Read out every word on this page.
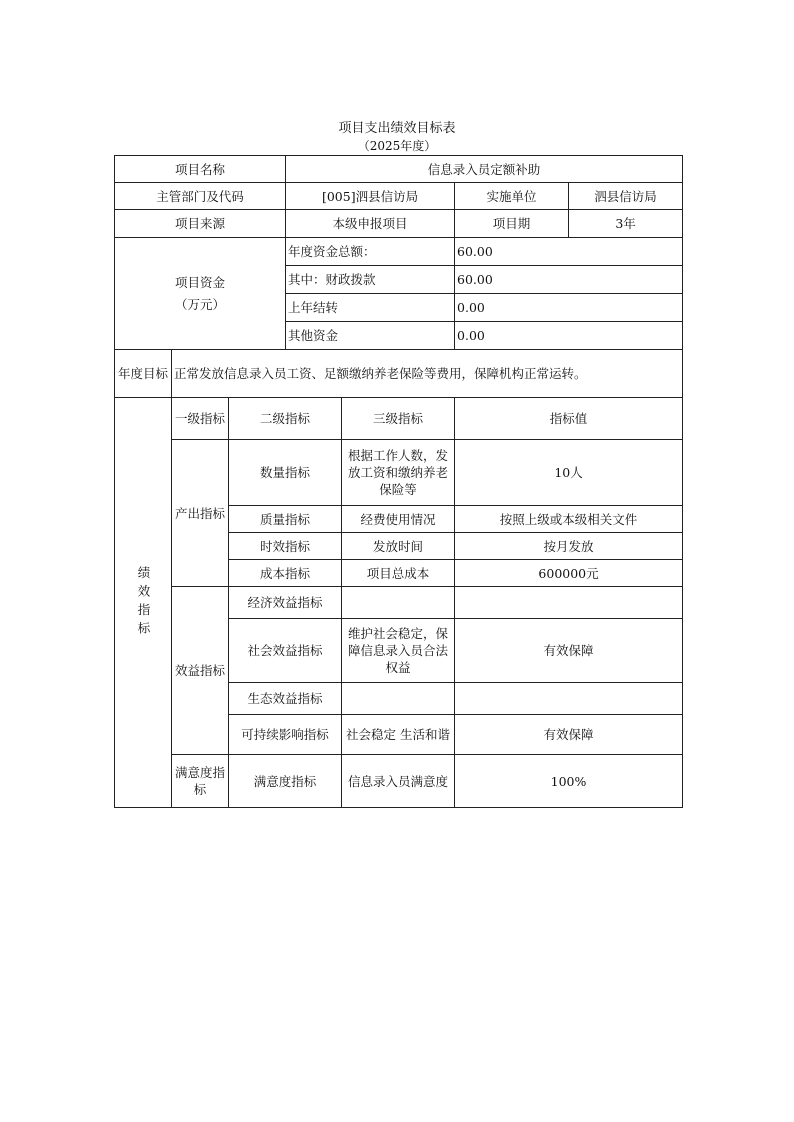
项目支出绩效目标表
（2025年度）
项目名称			信息录入员定额补助			
主管部门及代码			[005]泗县信访局		实施单位	泗县信访局
项目来源			本级申报项目		项目期	3年

项目资金
（万元）			年度资金总额：		60.00	
			其中：财政拨款		60.00	
			上年结转		0.00	
			其他资金		0.00	
年度目标	正常发放信息录入员工资、足额缴纳养老保险等费用，保障机构正常运转。					

绩效指标	一级指标	二级指标		三级指标	指标值	
	产出指标	数量指标		根据工作人数，发放工资和缴纳养老保险等	10人	
		质量指标		经费使用情况	按照上级或本级相关文件	
		时效指标		发放时间	按月发放	
		成本指标		项目总成本	600000元	
	效益指标	经济效益指标				
		社会效益指标		维护社会稳定，保障信息录入员合法权益	有效保障	
		生态效益指标				
		可持续影响指标		社会稳定 生活和谐	有效保障	
	满意度指标	满意度指标		信息录入员满意度	100%	
